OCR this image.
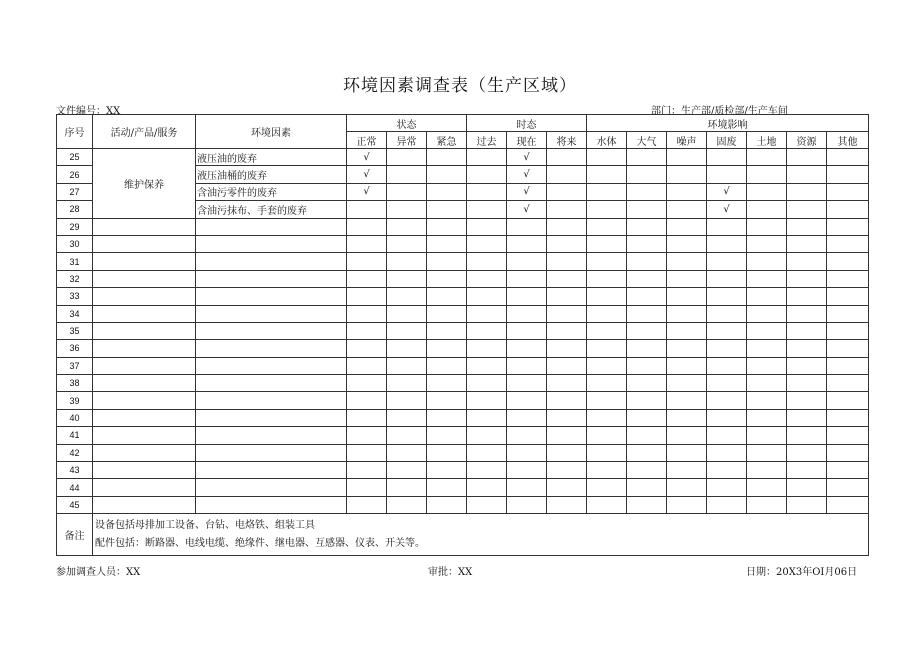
环境因素调查表（生产区域）
文件编号：XX	部门：生产部/质检部/生产车间
序号	活动/产品/服务	环境因素	状态			时态			环境影响						
			正常	异常	紧急	过去	现在	将来	水体	大气	噪声	固废	土地	资源	其他
25	维护保养	液压油的废弃	√				√								
26		液压油桶的废弃	√				√								
27		含油污零件的废弃	√				√					√			
28		含油污抹布、手套的废弃					√					√			
29															
30															
31															
32															
33															
34															
35															
36															
37															
38															
39															
40															
41															
42															
43															
44															
45															
备注	设备包括母排加工设备、台钻、电烙铁、组装工具
配件包括：断路器、电线电缆、绝缘件、继电器、互感器、仪表、开关等。														
参加调查人员：XX	审批：XX	日期：20X3年OI月06日
